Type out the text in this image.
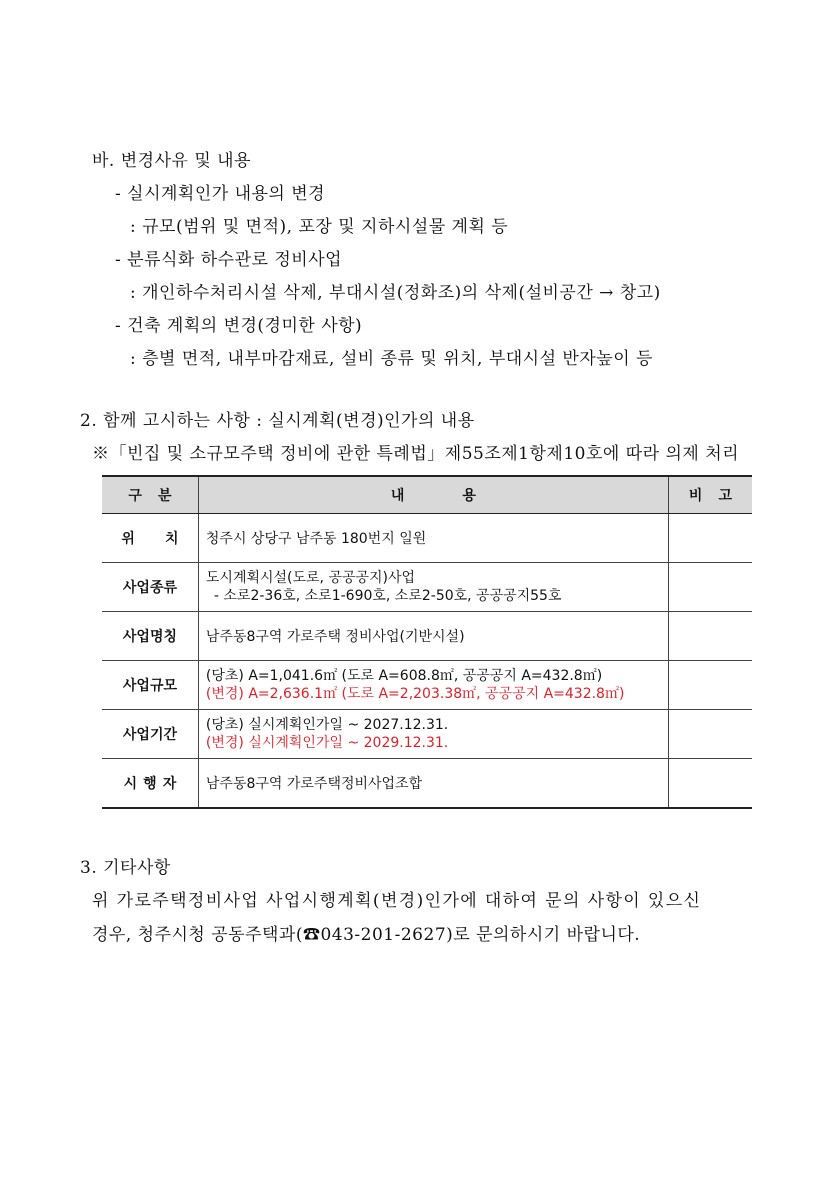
바. 변경사유 및 내용
- 실시계획인가 내용의 변경
: 규모(범위 및 면적), 포장 및 지하시설물 계획 등
- 분류식화 하수관로 정비사업
: 개인하수처리시설 삭제, 부대시설(정화조)의 삭제(설비공간 → 창고)
- 건축 계획의 변경(경미한 사항)
: 층별 면적, 내부마감재료, 설비 종류 및 위치, 부대시설 반자높이 등
2. 함께 고시하는 사항 : 실시계획(변경)인가의 내용
※「빈집 및 소규모주택 정비에 관한 특례법」제55조제1항제10호에 따라 의제 처리
구분	내용	비고
위치	청주시 상당구 남주동 180번지 일원	
사업종류	도시계획시설(도로, 공공공지)사업
- 소로2-36호, 소로1-690호, 소로2-50호, 공공공지55호	

사업명칭	남주동8구역 가로주택 정비사업(기반시설)	
사업규모	(당초) A=1,041.6㎡ (도로 A=608.8㎡, 공공공지 A=432.8㎡)
(변경) A=2,636.1㎡ (도로 A=2,203.38㎡, 공공공지 A=432.8㎡)	

사업기간	(당초) 실시계획인가일 ~ 2027.12.31.
(변경) 실시계획인가일 ~ 2029.12.31.	

시행자	남주동8구역 가로주택정비사업조합	
3. 기타사항
위 가로주택정비사업 사업시행계획(변경)인가에 대하여 문의 사항이 있으신
경우, 청주시청 공동주택과(☎043-201-2627)로 문의하시기 바랍니다.
